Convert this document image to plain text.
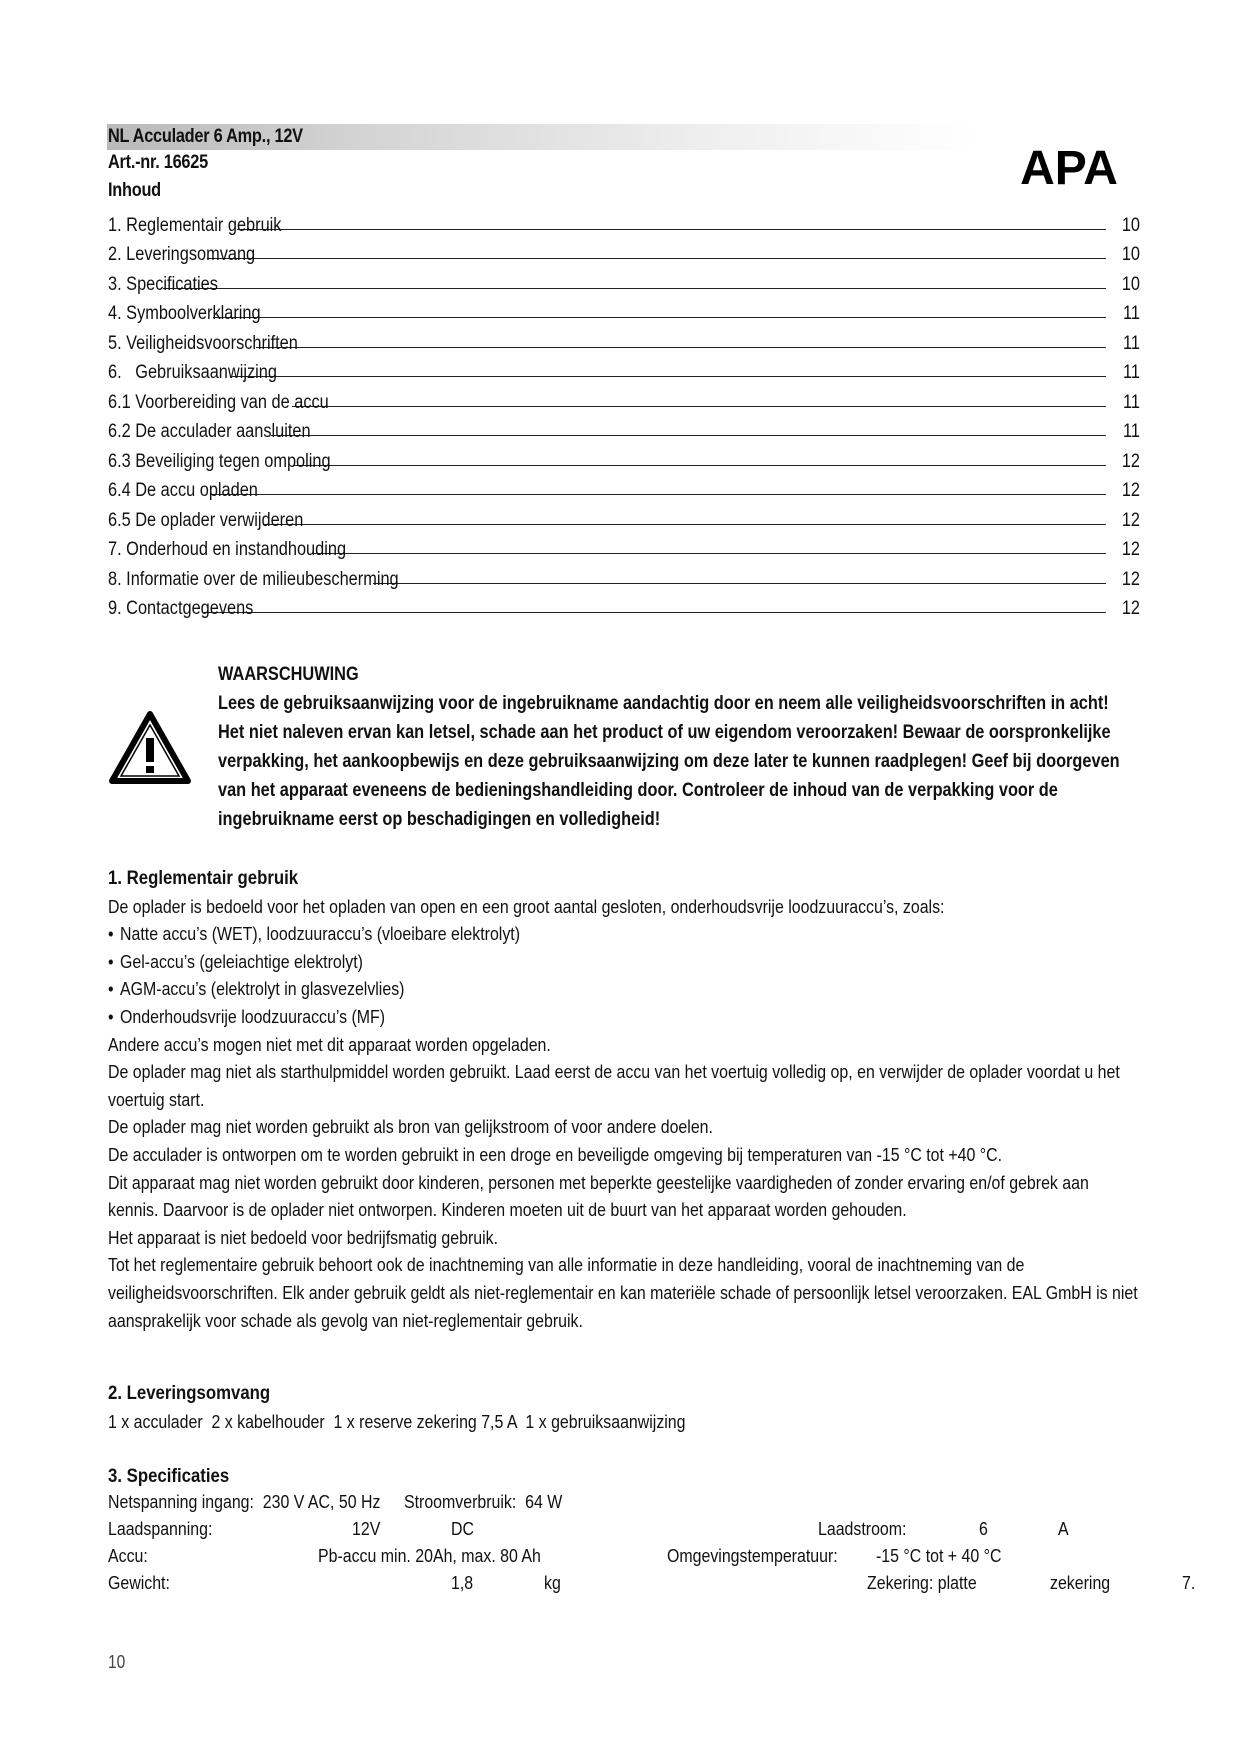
NL Acculader 6 Amp., 12V
Art.-nr. 16625
Inhoud	APA
1. Reglementair gebruik	10
2. Leveringsomvang	10
3. Specificaties	10
4. Symboolverklaring	11
5. Veiligheidsvoorschriften	11
6.   Gebruiksaanwijzing	11
6.1 Voorbereiding van de accu	11
6.2 De acculader aansluiten	11
6.3 Beveiliging tegen ompoling	12
6.4 De accu opladen	12
6.5 De oplader verwijderen	12
7. Onderhoud en instandhouding	12
8. Informatie over de milieubescherming	12
9. Contactgegevens	12
WAARSCHUWING
Lees de gebruiksaanwijzing voor de ingebruikname aandachtig door en neem alle veiligheidsvoorschriften in acht! Het niet naleven ervan kan letsel, schade aan het product of uw eigendom veroorzaken! Bewaar de oorspronkelijke verpakking, het aankoopbewijs en deze gebruiksaanwijzing om deze later te kunnen raadplegen! Geef bij doorgeven van het apparaat eveneens de bedieningshandleiding door. Controleer de inhoud van de verpakking voor de ingebruikname eerst op beschadigingen en volledigheid!
1. Reglementair gebruik
De oplader is bedoeld voor het opladen van open en een groot aantal gesloten, onderhoudsvrije loodzuuraccu’s, zoals:
• Natte accu’s (WET), loodzuuraccu’s (vloeibare elektrolyt)
• Gel-accu’s (geleiachtige elektrolyt)
• AGM-accu’s (elektrolyt in glasvezelvlies)
• Onderhoudsvrije loodzuuraccu’s (MF)
Andere accu’s mogen niet met dit apparaat worden opgeladen.
De oplader mag niet als starthulpmiddel worden gebruikt. Laad eerst de accu van het voertuig volledig op, en verwijder de oplader voordat u het voertuig start.
De oplader mag niet worden gebruikt als bron van gelijkstroom of voor andere doelen.
De acculader is ontworpen om te worden gebruikt in een droge en beveiligde omgeving bij temperaturen van -15 °C tot +40 °C.
Dit apparaat mag niet worden gebruikt door kinderen, personen met beperkte geestelijke vaardigheden of zonder ervaring en/of gebrek aan kennis. Daarvoor is de oplader niet ontworpen. Kinderen moeten uit de buurt van het apparaat worden gehouden.
Het apparaat is niet bedoeld voor bedrijfsmatig gebruik.
Tot het reglementaire gebruik behoort ook de inachtneming van alle informatie in deze handleiding, vooral de inachtneming van de veiligheidsvoorschriften. Elk ander gebruik geldt als niet-reglementair en kan materiële schade of persoonlijk letsel veroorzaken. EAL GmbH is niet aansprakelijk voor schade als gevolg van niet-reglementair gebruik.
2. Leveringsomvang
1 x acculader  2 x kabelhouder  1 x reserve zekering 7,5 A  1 x gebruiksaanwijzing
3. Specificaties
Netspanning ingang:  230 V AC, 50 Hz Stroomverbruik:  64 W
Laadspanning:	12V	DC	Laadstroom:	6	A
Accu:	Pb-accu min. 20Ah, max. 80 Ah	Omgevingstemperatuur: -15 °C tot + 40 °C
Gewicht:	1,8	kg	Zekering: platte	zekering	7.
10
